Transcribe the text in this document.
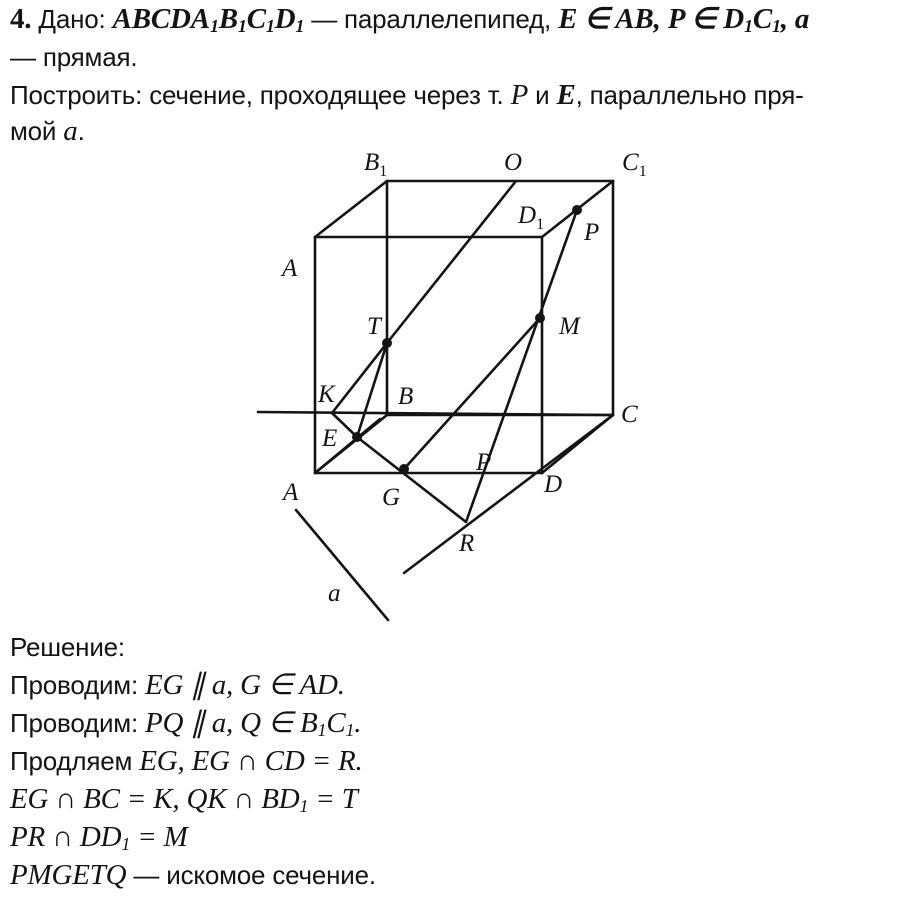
4. Дано: $ABCDA_1B_1C_1D_1$ — параллелепипед, E ∈ AB, P ∈ $D_1C_1$, a
— прямая.
Построить: сечение, проходящее через т. P и E, параллельно пря-
мой a.
$B_1$	O	$C_1$
$D_1$ P
A
T	M
K	B
C
E
P
A	G	D
R
a
Решение:
Проводим: EG ∥ a, G ∈ AD.
Проводим: PQ ∥ a, Q ∈ $B_1C_1$.
Продляем EG, EG ∩ CD = R.
EG ∩ BC = K, QK ∩ $BD_1 = T$
PR ∩ $DD_1 = M$
PMGETQ — искомое сечение.
